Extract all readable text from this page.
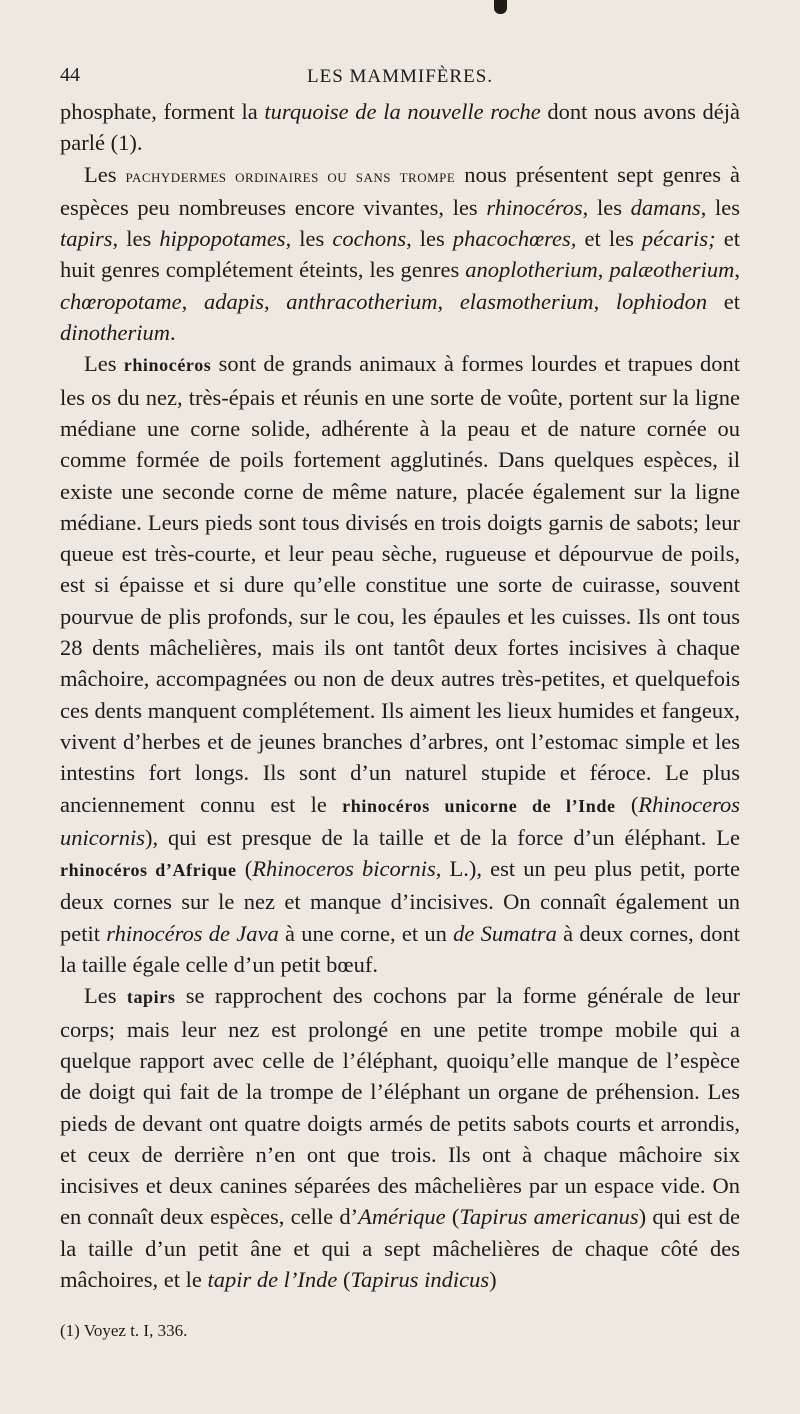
44	LES MAMMIFÈRES.

phosphate, forment la turquoise de la nouvelle roche dont nous avons déjà parlé (1).

Les pachydermes ordinaires ou sans trompe nous présentent sept genres à espèces peu nombreuses encore vivantes, les rhinocéros, les damans, les tapirs, les hippopotames, les cochons, les phacochœres, et les pécaris; et huit genres complétement éteints, les genres anoplotherium, palæotherium, chœropotame, adapis, anthracotherium, elasmotherium, lophiodon et dinotherium.

Les rhinocéros sont de grands animaux à formes lourdes et trapues dont les os du nez, très-épais et réunis en une sorte de voûte, portent sur la ligne médiane une corne solide, adhérente à la peau et de nature cornée ou comme formée de poils fortement agglutinés. Dans quelques espèces, il existe une seconde corne de même nature, placée également sur la ligne médiane. Leurs pieds sont tous divisés en trois doigts garnis de sabots; leur queue est très-courte, et leur peau sèche, rugueuse et dépourvue de poils, est si épaisse et si dure qu’elle constitue une sorte de cuirasse, souvent pourvue de plis profonds, sur le cou, les épaules et les cuisses. Ils ont tous 28 dents mâchelières, mais ils ont tantôt deux fortes incisives à chaque mâchoire, accompagnées ou non de deux autres très-petites, et quelquefois ces dents manquent complétement. Ils aiment les lieux humides et fangeux, vivent d’herbes et de jeunes branches d’arbres, ont l’estomac simple et les intestins fort longs. Ils sont d’un naturel stupide et féroce. Le plus anciennement connu est le rhinocéros unicorne de l’Inde (Rhinoceros unicornis), qui est presque de la taille et de la force d’un éléphant. Le rhinocéros d’Afrique (Rhinoceros bicornis, L.), est un peu plus petit, porte deux cornes sur le nez et manque d’incisives. On connaît également un petit rhinocéros de Java à une corne, et un de Sumatra à deux cornes, dont la taille égale celle d’un petit bœuf.

Les tapirs se rapprochent des cochons par la forme générale de leur corps; mais leur nez est prolongé en une petite trompe mobile qui a quelque rapport avec celle de l’éléphant, quoiqu’elle manque de l’espèce de doigt qui fait de la trompe de l’éléphant un organe de préhension. Les pieds de devant ont quatre doigts armés de petits sabots courts et arrondis, et ceux de derrière n’en ont que trois. Ils ont à chaque mâchoire six incisives et deux canines séparées des mâchelières par un espace vide. On en connaît deux espèces, celle d’Amérique (Tapirus americanus) qui est de la taille d’un petit âne et qui a sept mâchelières de chaque côté des mâchoires, et le tapir de l’Inde (Tapirus indicus)

(1) Voyez t. I, 336.
